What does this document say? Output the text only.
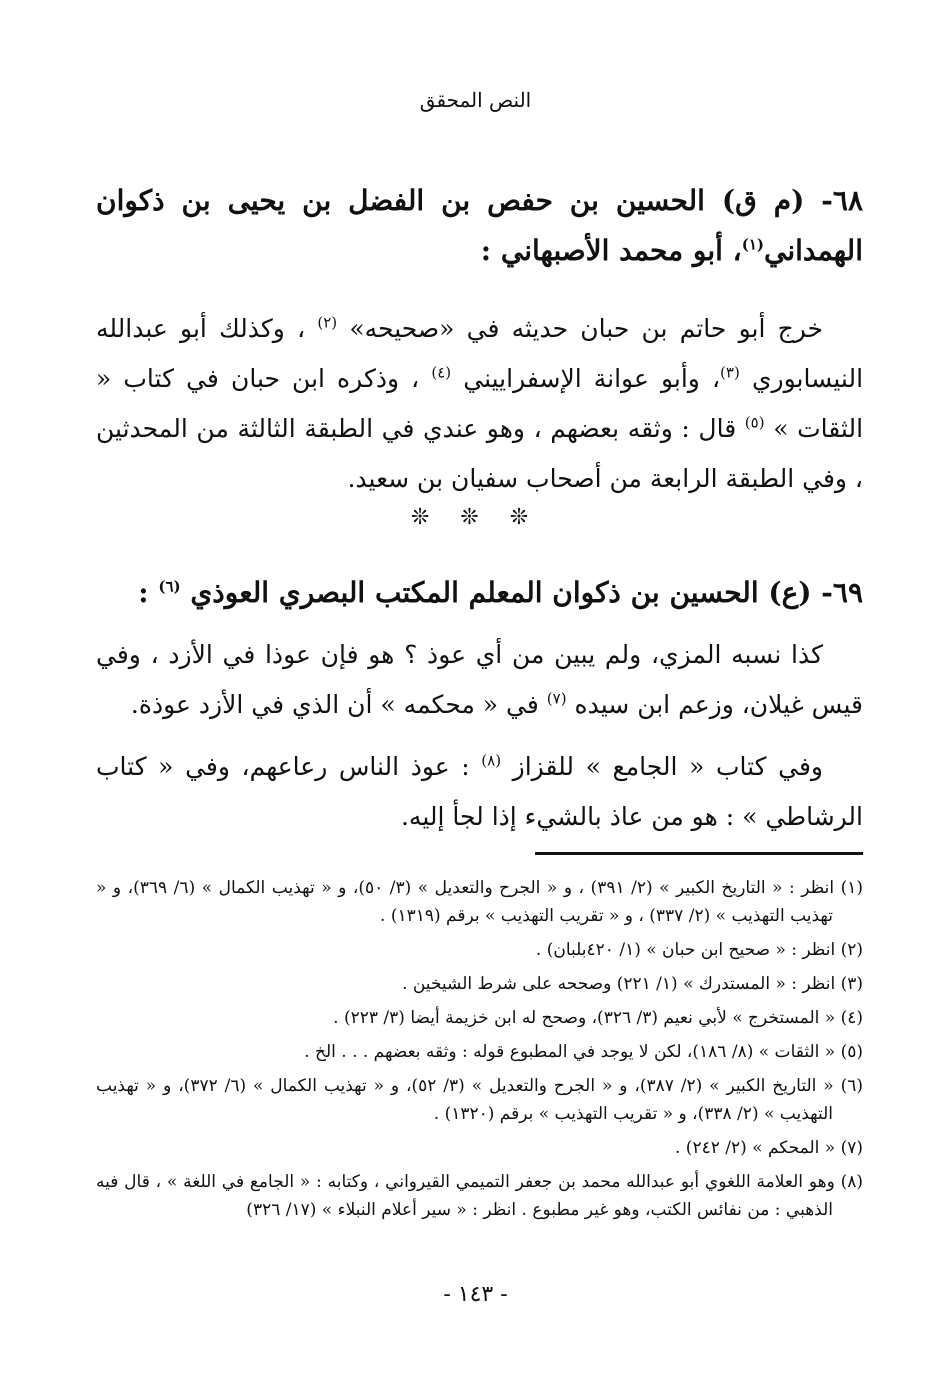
النص المحقق
٦٨- (م ق) الحسين بن حفص بن الفضل بن يحيى بن ذكوان الهمداني$^{(١)}$، أبو محمد الأصبهاني :
خرج أبو حاتم بن حبان حديثه في «صحيحه» $^{(٢)}$ ، وكذلك أبو عبدالله النيسابوري $^{(٣)}$، وأبو عوانة الإسفراييني $^{(٤)}$ ، وذكره ابن حبان في كتاب « الثقات » $^{(٥)}$ قال : وثقه بعضهم ، وهو عندي في الطبقة الثالثة من المحدثين ، وفي الطبقة الرابعة من أصحاب سفيان بن سعيد.
❊ ❊ ❊
٦٩- (ع) الحسين بن ذكوان المعلم المكتب البصري العوذي $^{(٦)}$ :
كذا نسبه المزي، ولم يبين من أي عوذ ؟ هو فإن عوذا في الأزد ، وفي قيس غيلان، وزعم ابن سيده $^{(٧)}$ في « محكمه » أن الذي في الأزد عوذة.
وفي كتاب « الجامع » للقزاز $^{(٨)}$ : عوذ الناس رعاعهم، وفي « كتاب الرشاطي » : هو من عاذ بالشيء إذا لجأ إليه.

(١) انظر : « التاريخ الكبير » (٢/ ٣٩١) ، و « الجرح والتعديل » (٣/ ٥٠)، و « تهذيب الكمال » (٦/ ٣٦٩)، و « تهذيب التهذيب » (٢/ ٣٣٧) ، و « تقريب التهذيب » برقم (١٣١٩) .

(٢) انظر : « صحيح ابن حبان » (١/ ٤٢٠بلبان) .

(٣) انظر : « المستدرك » (١/ ٢٢١) وصححه على شرط الشيخين .

(٤) « المستخرج » لأبي نعيم (٣/ ٣٢٦)، وصحح له ابن خزيمة أيضا (٣/ ٢٢٣) .

(٥) « الثقات » (٨/ ١٨٦)، لكن لا يوجد في المطبوع قوله : وثقه بعضهم . . . الخ .

(٦) « التاريخ الكبير » (٢/ ٣٨٧)، و « الجرح والتعديل » (٣/ ٥٢)، و « تهذيب الكمال » (٦/ ٣٧٢)، و « تهذيب التهذيب » (٢/ ٣٣٨)، و « تقريب التهذيب » برقم (١٣٢٠) .

(٧) « المحكم » (٢/ ٢٤٢) .

(٨) وهو العلامة اللغوي أبو عبدالله محمد بن جعفر التميمي القيرواني ، وكتابه : « الجامع في اللغة » ، قال فيه الذهبي : من نفائس الكتب، وهو غير مطبوع . انظر : « سير أعلام النبلاء » (١٧/ ٣٢٦)

- ١٤٣ -
